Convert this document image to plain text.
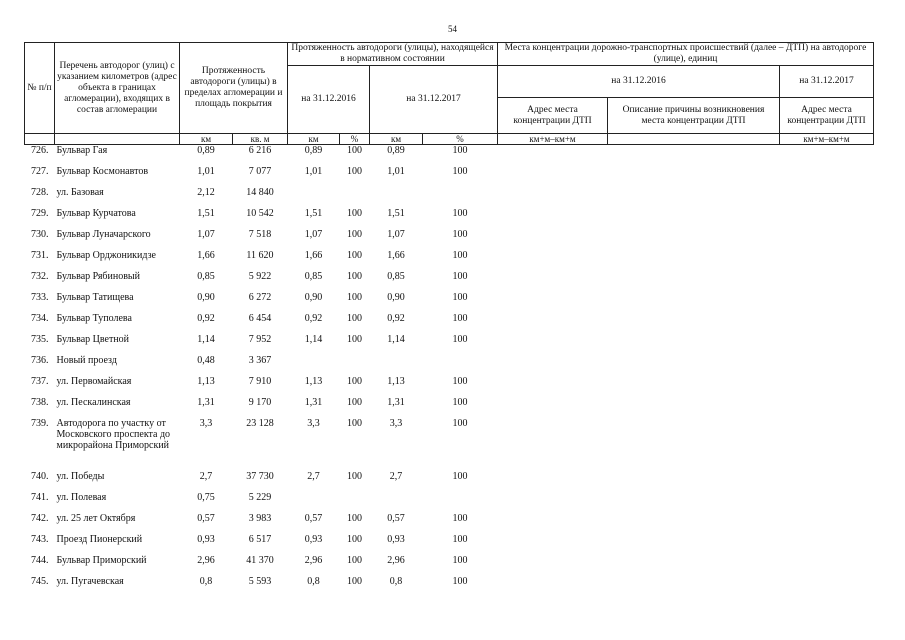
54
№ п/п	Перечень автодорог (улиц) с указанием километров (адрес объекта в границах агломерации), входящих в состав агломерации	Протяженность автодороги (улицы) в пределах агломерации и площадь покрытия		Протяженность автодороги (улицы), находящейся в нормативном состоянии				Места концентрации дорожно-транспортных происшествий (далее – ДТП) на автодороге (улице), единиц		
				на 31.12.2016		на 31.12.2017		на 31.12.2016		на 31.12.2017
								Адрес места концентрации ДТП	Описание причины возникновения места концентрации ДТП	Адрес места концентрации ДТП
		км	кв. м	км	%	км	%	км+м–км+м		км+м–км+м
726.	Бульвар Гая	0,89	6 216	0,89	100	0,89	100			
727.	Бульвар Космонавтов	1,01	7 077	1,01	100	1,01	100			
728.	ул. Базовая	2,12	14 840							
729.	Бульвар Курчатова	1,51	10 542	1,51	100	1,51	100			
730.	Бульвар Луначарского	1,07	7 518	1,07	100	1,07	100			
731.	Бульвар Орджоникидзе	1,66	11 620	1,66	100	1,66	100			
732.	Бульвар Рябиновый	0,85	5 922	0,85	100	0,85	100			
733.	Бульвар Татищева	0,90	6 272	0,90	100	0,90	100			
734.	Бульвар Туполева	0,92	6 454	0,92	100	0,92	100			
735.	Бульвар Цветной	1,14	7 952	1,14	100	1,14	100			
736.	Новый проезд	0,48	3 367							
737.	ул. Первомайская	1,13	7 910	1,13	100	1,13	100			
738.	ул. Пескалинская	1,31	9 170	1,31	100	1,31	100			
739.	Автодорога по участку от Московского проспекта до микрорайона Приморский	3,3	23 128	3,3	100	3,3	100			
740.	ул. Победы	2,7	37 730	2,7	100	2,7	100			
741.	ул. Полевая	0,75	5 229							
742.	ул. 25 лет Октября	0,57	3 983	0,57	100	0,57	100			
743.	Проезд Пионерский	0,93	6 517	0,93	100	0,93	100			
744.	Бульвар Приморский	2,96	41 370	2,96	100	2,96	100			
745.	ул. Пугачевская	0,8	5 593	0,8	100	0,8	100			
